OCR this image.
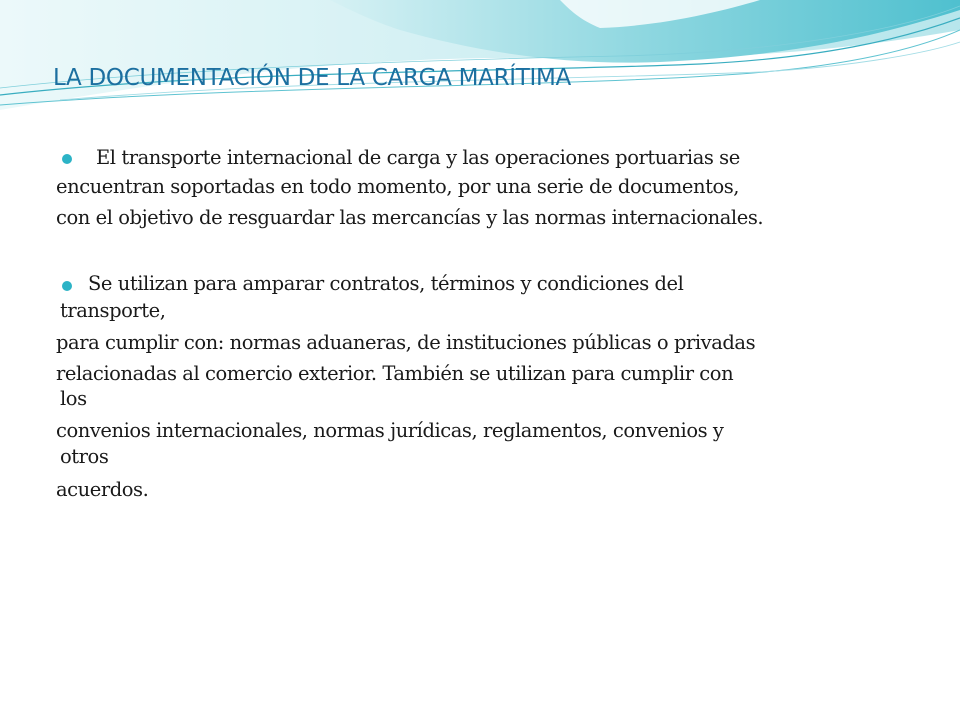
LA DOCUMENTACIÓN DE LA CARGA MARÍTIMA

El transporte internacional de carga y las operaciones portuarias se

encuentran soportadas en todo momento, por una serie de documentos,

con el objetivo de resguardar las mercancías y las normas internacionales.

Se utilizan para amparar contratos, términos y condiciones del

transporte,

para cumplir con: normas aduaneras, de instituciones públicas o privadas

relacionadas al comercio exterior. También se utilizan para cumplir con

los

convenios internacionales, normas jurídicas, reglamentos, convenios y

otros

acuerdos.
